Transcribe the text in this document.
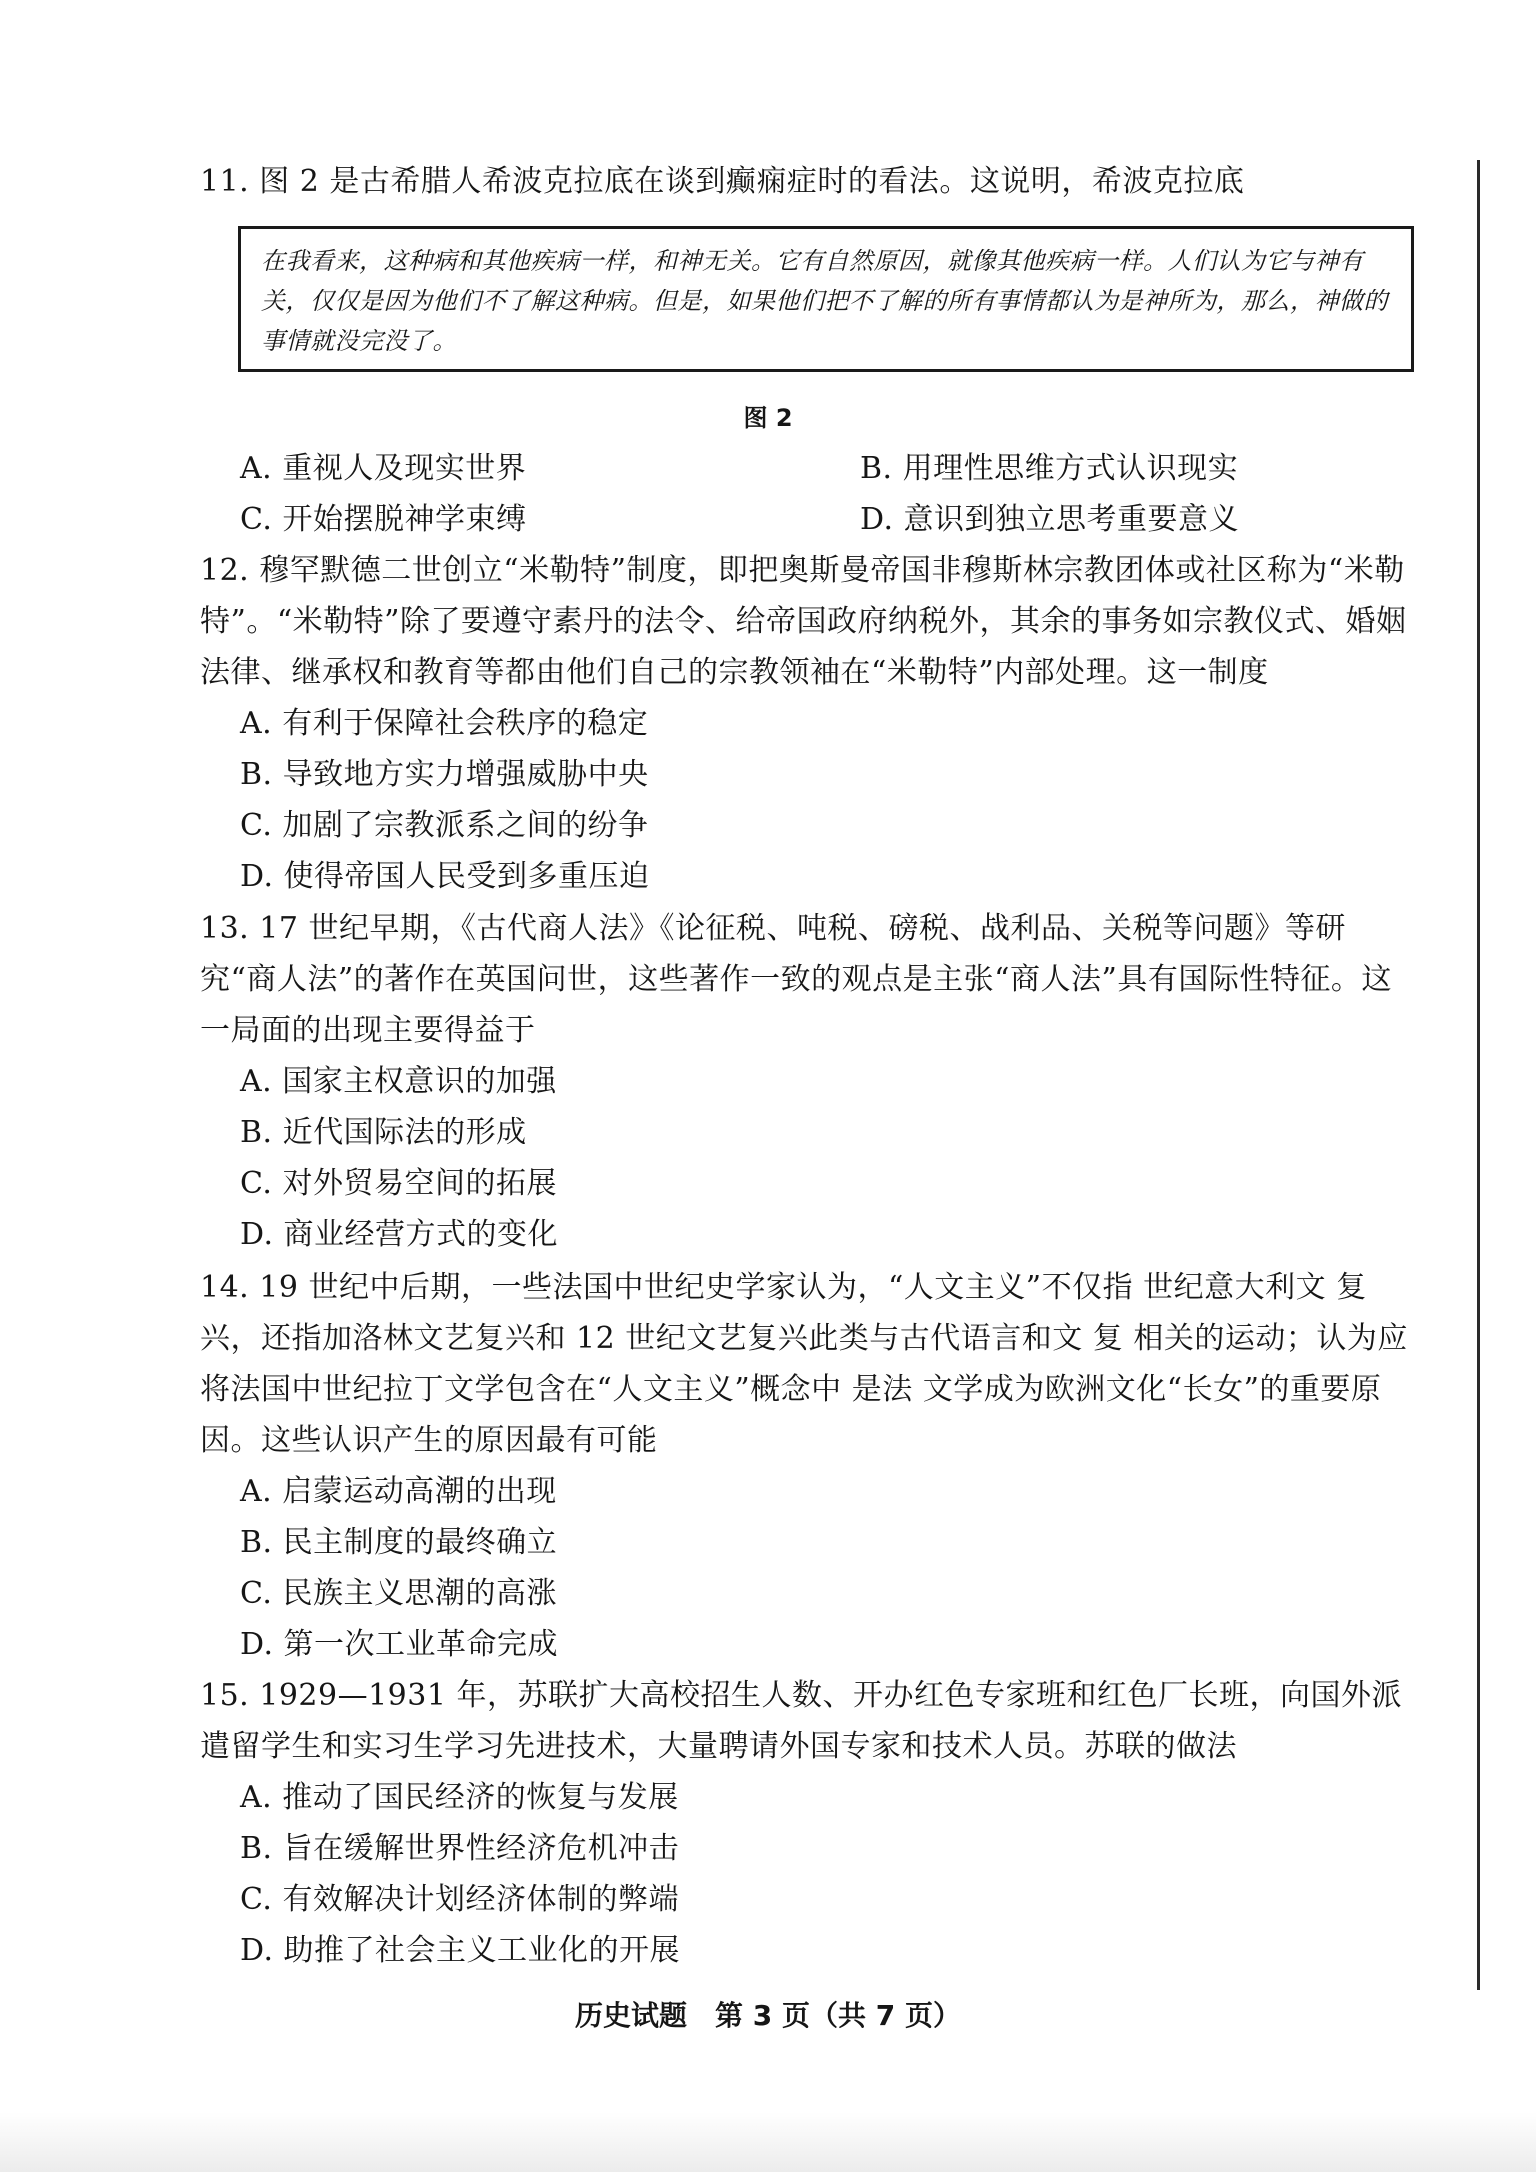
11. 图 2 是古希腊人希波克拉底在谈到癫痫症时的看法。这说明，希波克拉底

在我看来，这种病和其他疾病一样，和神无关。它有自然原因，就像其他疾病一样。人们认为它与神有关，仅仅是因为他们不了解这种病。但是，如果他们把不了解的所有事情都认为是神所为，那么，神做的事情就没完没了。
图 2

A. 重视人及现实世界	B. 用理性思维方式认识现实

C. 开始摆脱神学束缚	D. 意识到独立思考重要意义

12. 穆罕默德二世创立“米勒特”制度，即把奥斯曼帝国非穆斯林宗教团体或社区称为“米勒特”。“米勒特”除了要遵守素丹的法令、给帝国政府纳税外，其余的事务如宗教仪式、婚姻法律、继承权和教育等都由他们自己的宗教领袖在“米勒特”内部处理。这一制度

A. 有利于保障社会秩序的稳定

B. 导致地方实力增强威胁中央

C. 加剧了宗教派系之间的纷争

D. 使得帝国人民受到多重压迫

13. 17 世纪早期，《古代商人法》《论征税、吨税、磅税、战利品、关税等问题》等研究“商人法”的著作在英国问世，这些著作一致的观点是主张“商人法”具有国际性特征。这一局面的出现主要得益于

A. 国家主权意识的加强

B. 近代国际法的形成

C. 对外贸易空间的拓展

D. 商业经营方式的变化

14. 19 世纪中后期，一些法国中世纪史学家认为，“人文主义”不仅指 世纪意大利文 复兴，还指加洛林文艺复兴和 12 世纪文艺复兴此类与古代语言和文 复 相关的运动；认为应将法国中世纪拉丁文学包含在“人文主义”概念中 是法 文学成为欧洲文化“长女”的重要原因。这些认识产生的原因最有可能

A. 启蒙运动高潮的出现

B. 民主制度的最终确立

C. 民族主义思潮的高涨

D. 第一次工业革命完成

15. 1929—1931 年，苏联扩大高校招生人数、开办红色专家班和红色厂长班，向国外派遣留学生和实习生学习先进技术，大量聘请外国专家和技术人员。苏联的做法

A. 推动了国民经济的恢复与发展

B. 旨在缓解世界性经济危机冲击

C. 有效解决计划经济体制的弊端

D. 助推了社会主义工业化的开展

历史试题　第 3 页（共 7 页）
